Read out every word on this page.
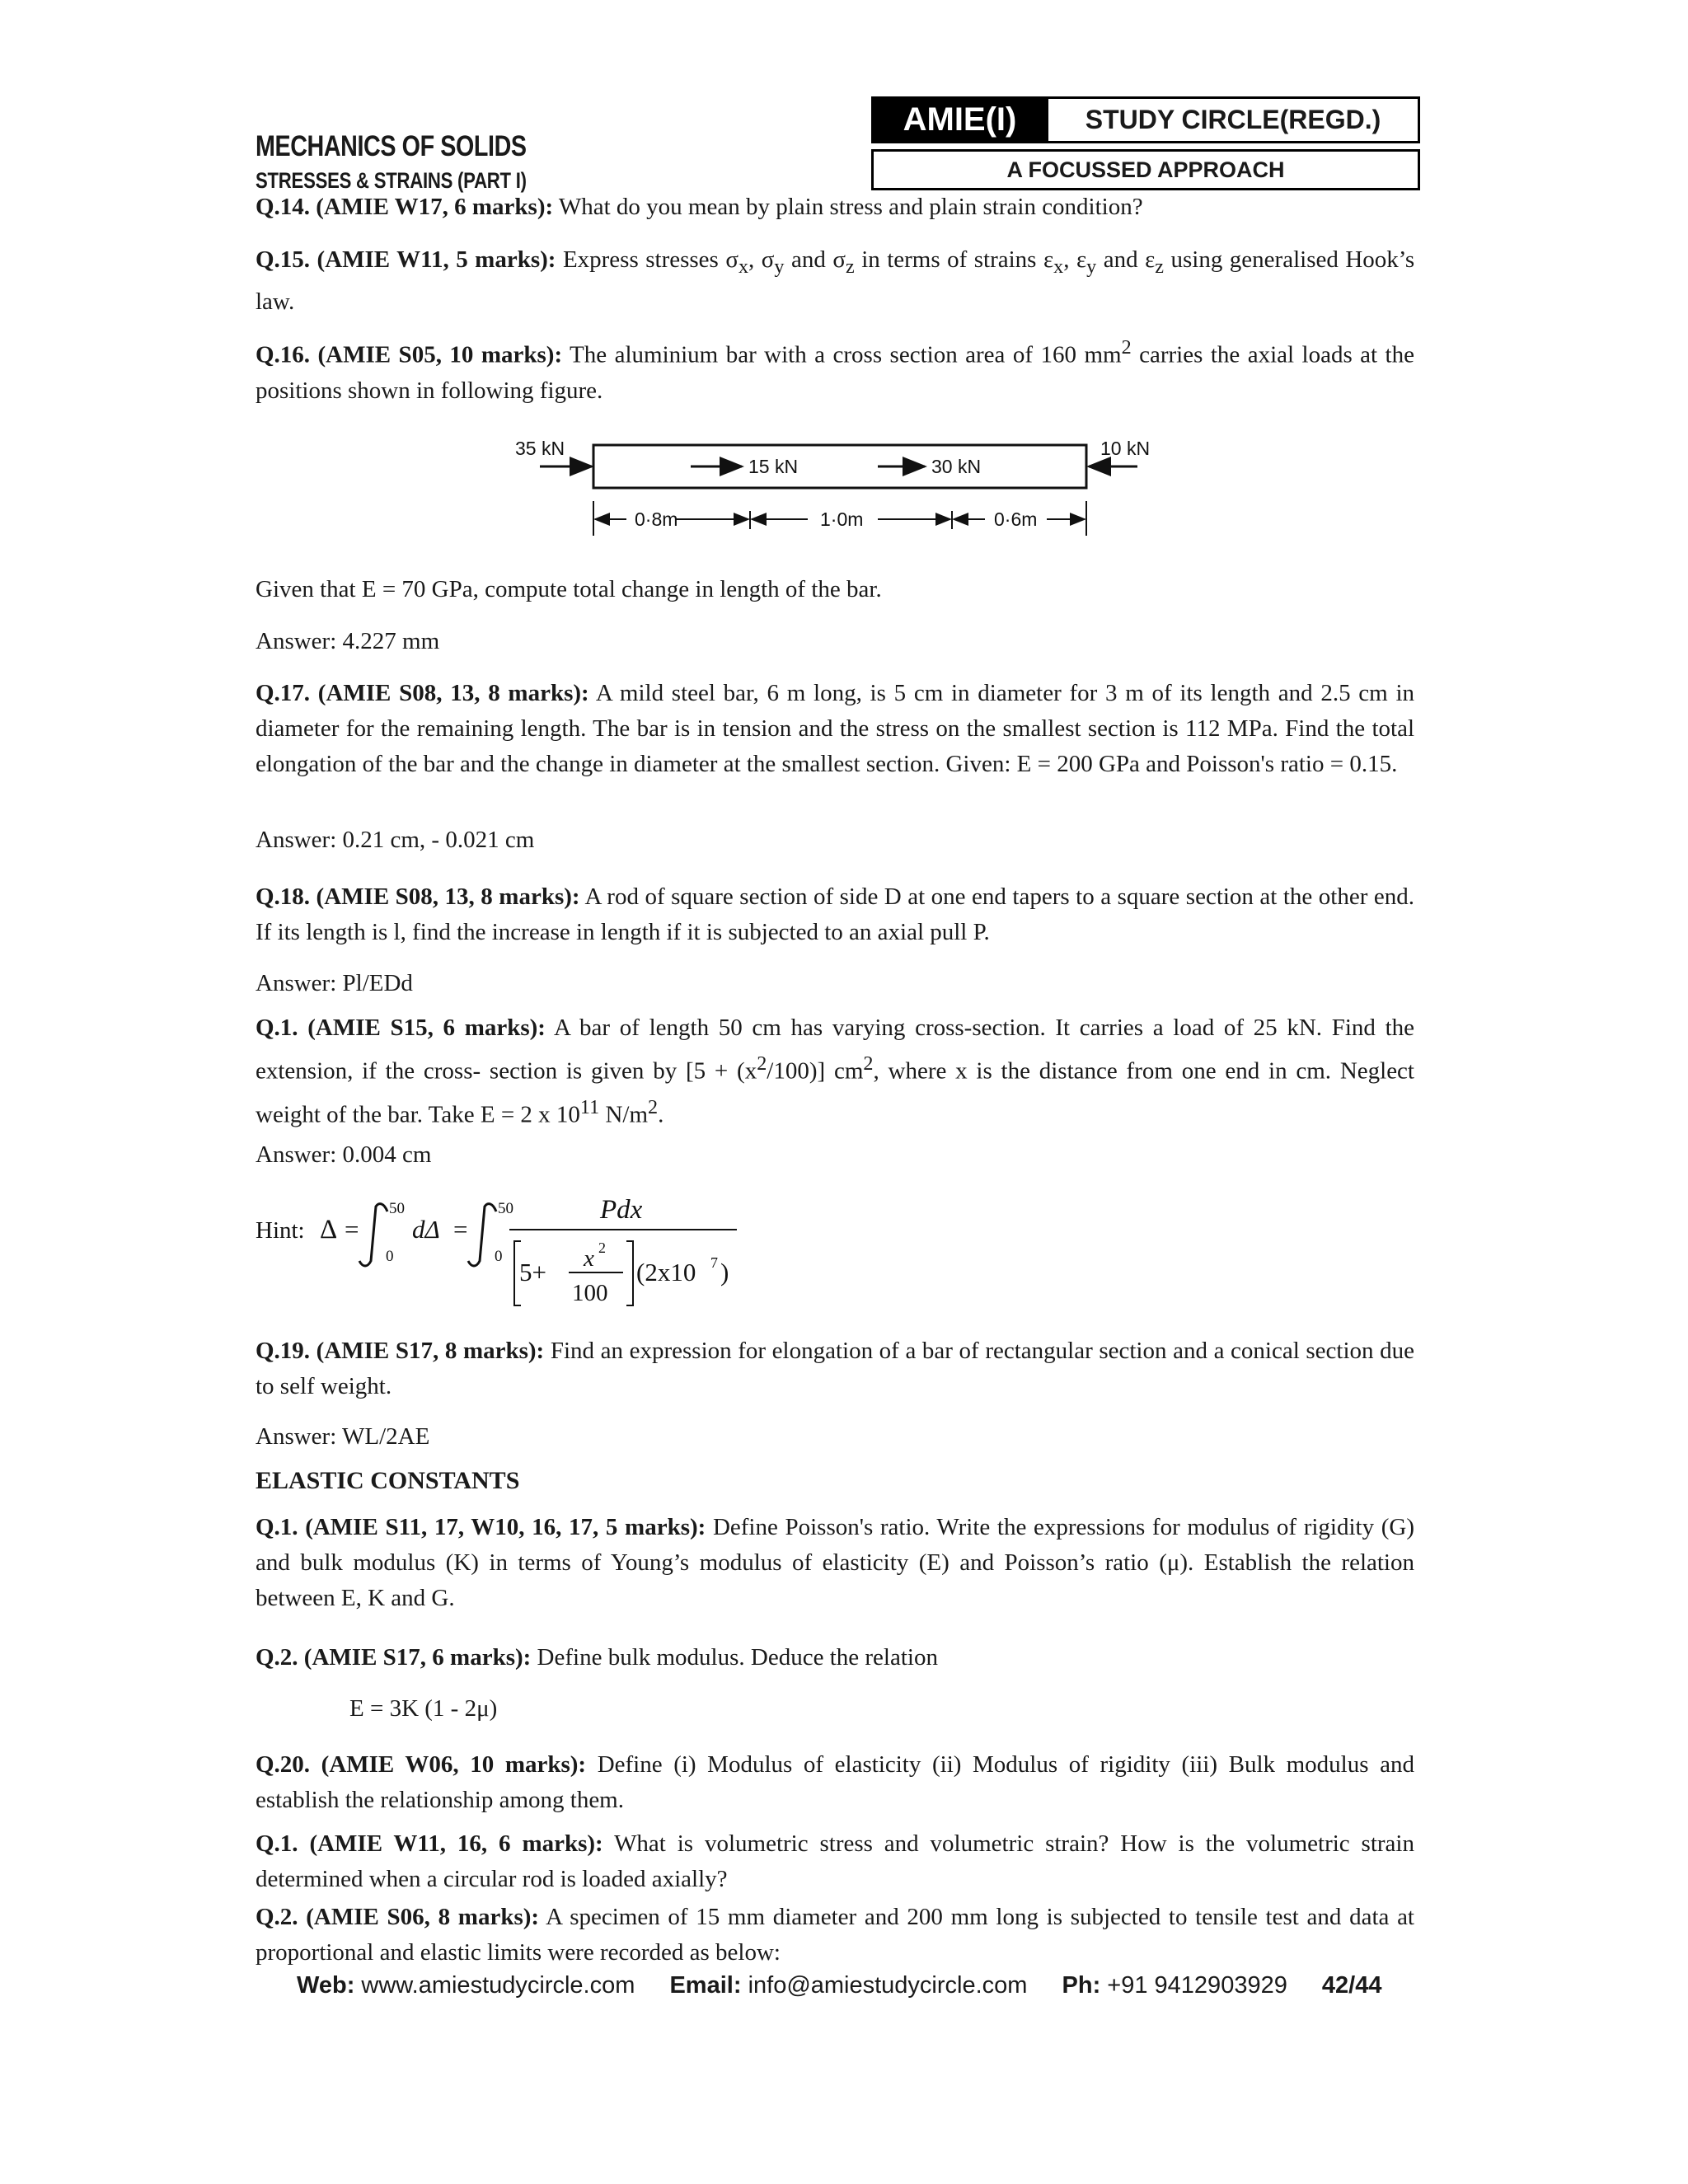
MECHANICS OF SOLIDS
STRESSES & STRAINS (PART I)
AMIE(I)	STUDY CIRCLE(REGD.)
A FOCUSSED APPROACH
Q.14. (AMIE W17, 6 marks): What do you mean by plain stress and plain strain condition?
Q.15. (AMIE W11, 5 marks): Express stresses $\sigma_x$, $\sigma_y$ and $\sigma_z$ in terms of strains $\varepsilon_x$, $\varepsilon_y$ and $\varepsilon_z$ using generalised Hook’s law.
Q.16. (AMIE S05, 10 marks): The aluminium bar with a cross section area of 160 $mm^2$ carries the axial loads at the positions shown in following figure.
35 kN
15 kN	30 kN
10 kN
0·8m	1·0m	0·6m
Given that E = 70 GPa, compute total change in length of the bar.
Answer: 4.227 mm
Q.17. (AMIE S08, 13, 8 marks): A mild steel bar, 6 m long, is 5 cm in diameter for 3 m of its length and 2.5 cm in diameter for the remaining length. The bar is in tension and the stress on the smallest section is 112 MPa. Find the total elongation of the bar and the change in diameter at the smallest section. Given: E = 200 GPa and Poisson's ratio = 0.15.
Answer: 0.21 cm, - 0.021 cm
Q.18. (AMIE S08, 13, 8 marks): A rod of square section of side D at one end tapers to a square section at the other end. If its length is l, find the increase in length if it is subjected to an axial pull P.
Answer: Pl/EDd
Q.1. (AMIE S15, 6 marks): A bar of length 50 cm has varying cross-section. It carries a load of 25 kN. Find the extension, if the cross- section is given by $[5 + (x^2/100)]$ $cm^2$, where x is the distance from one end in cm. Neglect weight of the bar. Take E = 2 x $10^{11}$ $N/m^2$.
Answer: 0.004 cm
Hint: Δ =
50
0
dΔ =
50
0
Pdx
5+ x 2
100
(2x10 7 )
Q.19. (AMIE S17, 8 marks): Find an expression for elongation of a bar of rectangular section and a conical section due to self weight.
Answer: WL/2AE
ELASTIC CONSTANTS
Q.1. (AMIE S11, 17, W10, 16, 17, 5 marks): Define Poisson's ratio. Write the expressions for modulus of rigidity (G) and bulk modulus (K) in terms of Young’s modulus of elasticity (E) and Poisson’s ratio (μ). Establish the relation between E, K and G.
Q.2. (AMIE S17, 6 marks): Define bulk modulus. Deduce the relation
E = 3K (1 - 2μ)
Q.20. (AMIE W06, 10 marks): Define (i) Modulus of elasticity (ii) Modulus of rigidity (iii) Bulk modulus and establish the relationship among them.
Q.1. (AMIE W11, 16, 6 marks): What is volumetric stress and volumetric strain? How is the volumetric strain determined when a circular rod is loaded axially?
Q.2. (AMIE S06, 8 marks): A specimen of 15 mm diameter and 200 mm long is subjected to tensile test and data at proportional and elastic limits were recorded as below:
Web: www.amiestudycircle.com Email: info@amiestudycircle.com Ph: +91 9412903929 42/44
